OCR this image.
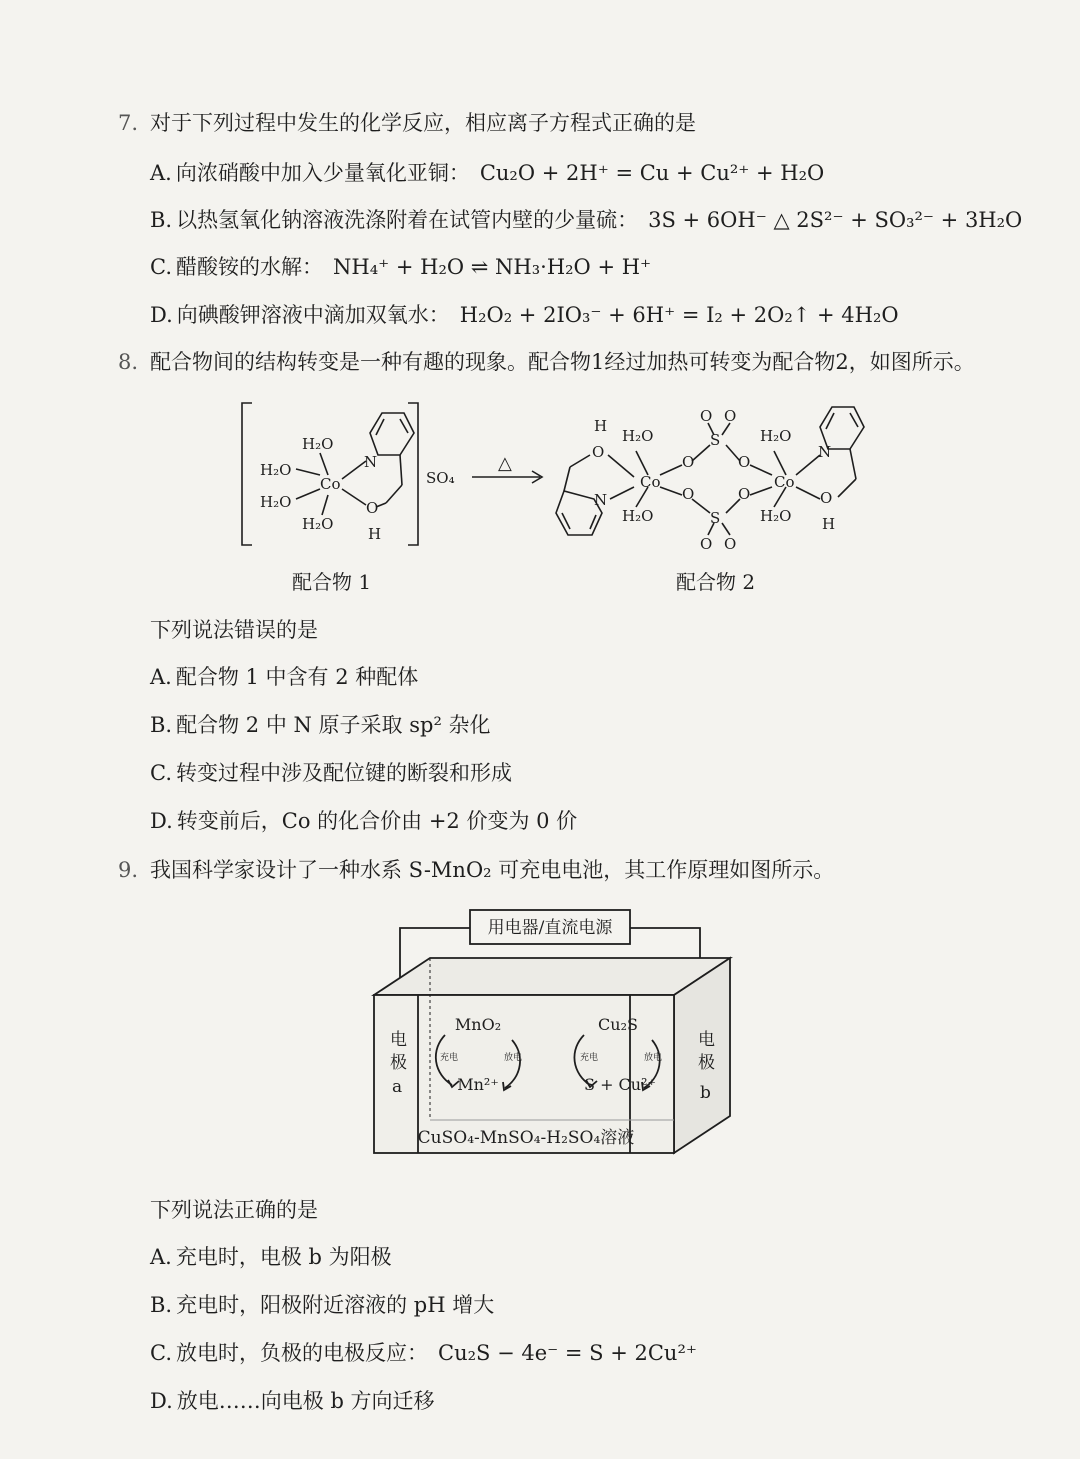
7. 对于下列过程中发生的化学反应，相应离子方程式正确的是
A. 向浓硝酸中加入少量氧化亚铜： Cu₂O + 2H⁺ = Cu + Cu²⁺ + H₂O
B. 以热氢氧化钠溶液洗涤附着在试管内壁的少量硫： 3S + 6OH⁻ △ 2S²⁻ + SO₃²⁻ + 3H₂O
C. 醋酸铵的水解： NH₄⁺ + H₂O ⇌ NH₃·H₂O + H⁺
D. 向碘酸钾溶液中滴加双氧水： H₂O₂ + 2IO₃⁻ + 6H⁺ = I₂ + 2O₂↑ + 4H₂O
8. 配合物间的结构转变是一种有趣的现象。配合物1经过加热可转变为配合物2，如图所示。
H₂O
H₂O
H₂O
H₂O
Co
N
O
H
SO₄
△
H
O
N
H₂O
H₂O
Co
O
O
S
S
O O
O O
O
O
H₂O
H₂O
Co
N
O
H
配合物 1	配合物 2
下列说法错误的是
A. 配合物 1 中含有 2 种配体
B. 配合物 2 中 N 原子采取 sp² 杂化
C. 转变过程中涉及配位键的断裂和形成
D. 转变前后，Co 的化合价由 +2 价变为 0 价
9. 我国科学家设计了一种水系 S-MnO₂ 可充电电池，其工作原理如图所示。
用电器/直流电源
电
极
a
电
极
b
MnO₂
Mn²⁺
Cu₂S
S + Cu²⁺
充电	放电	充电	放电
CuSO₄-MnSO₄-H₂SO₄溶液
下列说法正确的是
A. 充电时，电极 b 为阳极
B. 充电时，阳极附近溶液的 pH 增大
C. 放电时，负极的电极反应： Cu₂S − 4e⁻ = S + 2Cu²⁺
D. 放电……向电极 b 方向迁移
